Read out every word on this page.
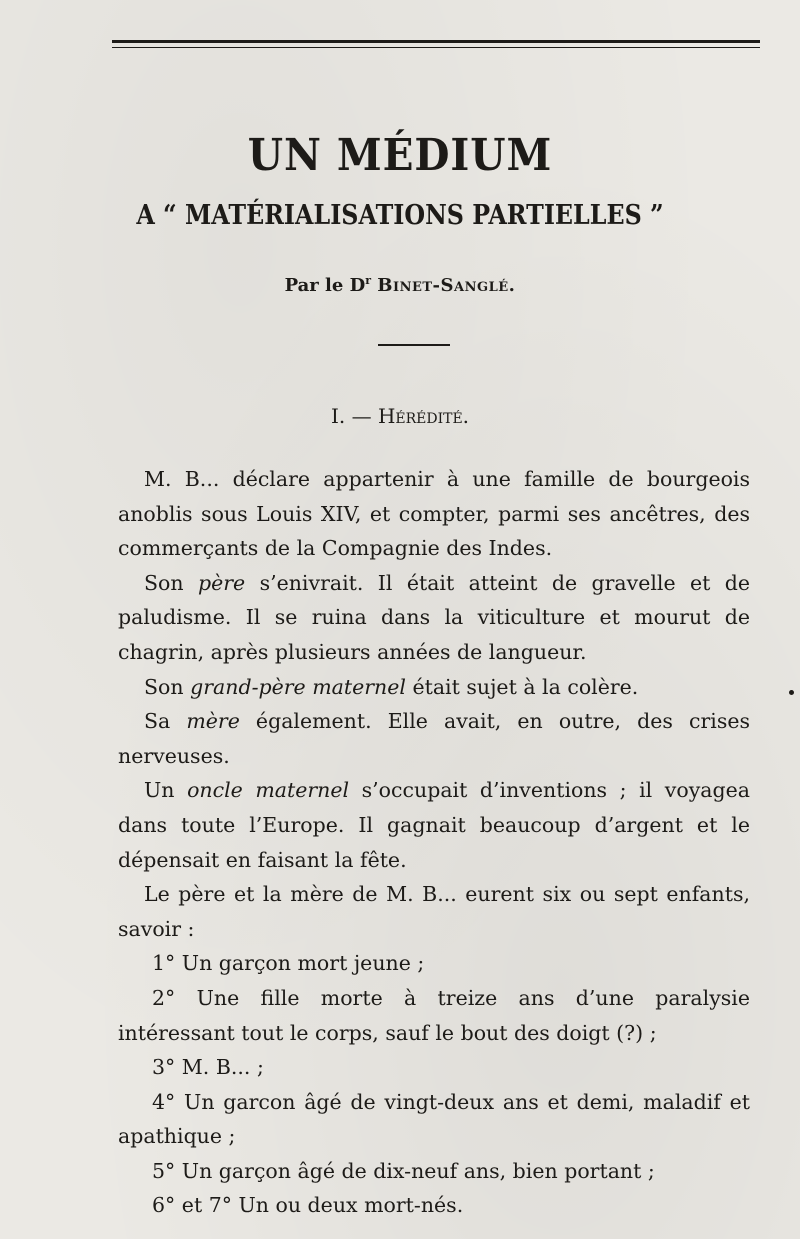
UN MÉDIUM
A “ MATÉRIALISATIONS PARTIELLES ”

Par le $D^r$ Binet-Sanglé.

I. — Hérédité.

M. B... déclare appartenir à une famille de bourgeois anoblis sous Louis XIV, et compter, parmi ses ancêtres, des commerçants de la Compagnie des Indes.

Son père s’enivrait. Il était atteint de gravelle et de paludisme. Il se ruina dans la viticulture et mourut de chagrin, après plusieurs années de langueur.

Son grand-père maternel était sujet à la colère.

Sa mère également. Elle avait, en outre, des crises nerveuses.

Un oncle maternel s’occupait d’inventions ; il voyagea dans toute l’Europe. Il gagnait beaucoup d’argent et le dépensait en faisant la fête.

Le père et la mère de M. B... eurent six ou sept enfants, savoir :

1° Un garçon mort jeune ;

2° Une fille morte à treize ans d’une paralysie intéressant tout le corps, sauf le bout des doigt (?) ;

3° M. B... ;

4° Un garcon âgé de vingt-deux ans et demi, maladif et apathique ;

5° Un garçon âgé de dix-neuf ans, bien portant ;

6° et 7° Un ou deux mort-nés.
